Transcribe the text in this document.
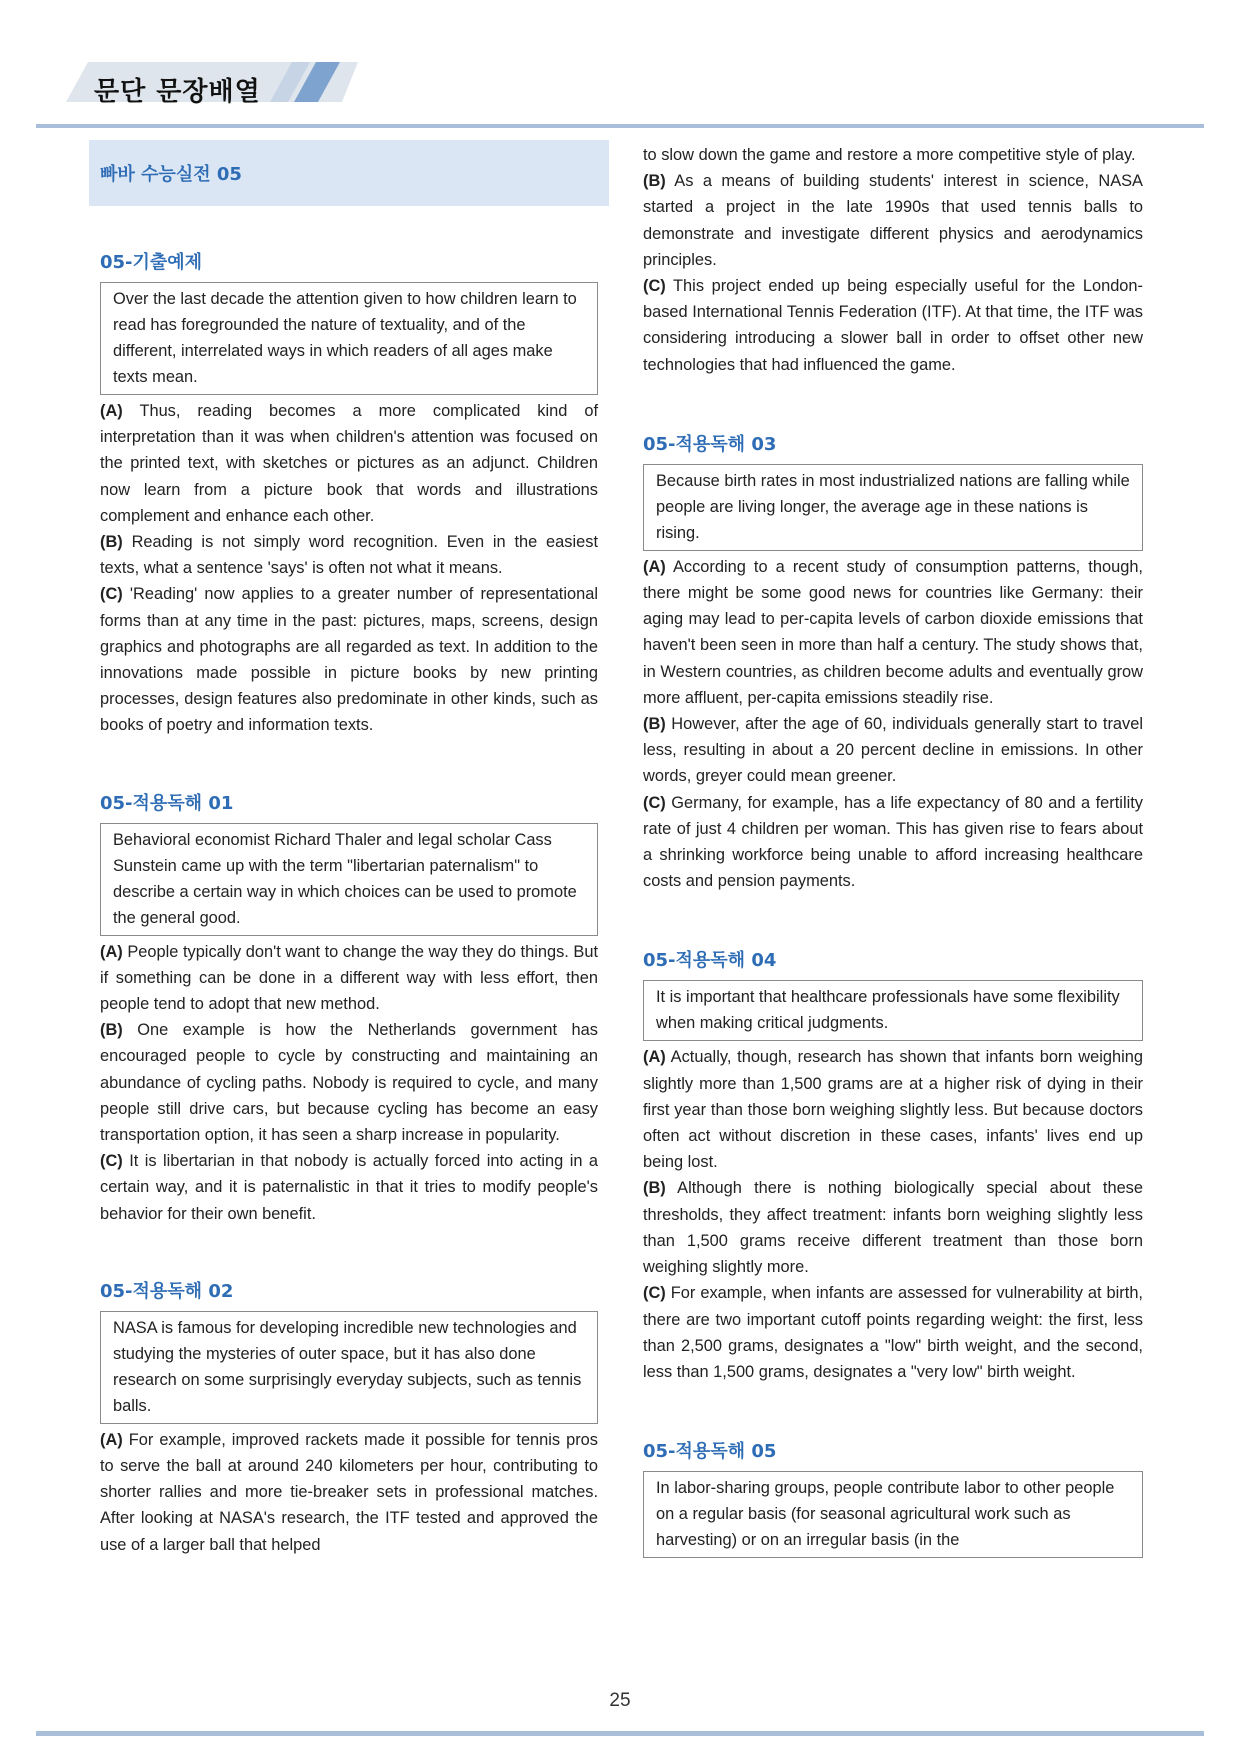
문단 문장배열
빠바 수능실전 05
05-기출예제
Over the last decade the attention given to how children learn to read has foregrounded the nature of textuality, and of the different, interrelated ways in which readers of all ages make texts mean.

(A) Thus, reading becomes a more complicated kind of interpretation than it was when children's attention was focused on the printed text, with sketches or pictures as an adjunct. Children now learn from a picture book that words and illustrations complement and enhance each other.

(B) Reading is not simply word recognition. Even in the easiest texts, what a sentence 'says' is often not what it means.

(C) 'Reading' now applies to a greater number of representational forms than at any time in the past: pictures, maps, screens, design graphics and photographs are all regarded as text. In addition to the innovations made possible in picture books by new printing processes, design features also predominate in other kinds, such as books of poetry and information texts.

05-적용독해 01
Behavioral economist Richard Thaler and legal scholar Cass Sunstein came up with the term "libertarian paternalism" to describe a certain way in which choices can be used to promote the general good.

(A) People typically don't want to change the way they do things. But if something can be done in a different way with less effort, then people tend to adopt that new method.

(B) One example is how the Netherlands government has encouraged people to cycle by constructing and maintaining an abundance of cycling paths. Nobody is required to cycle, and many people still drive cars, but because cycling has become an easy transportation option, it has seen a sharp increase in popularity.

(C) It is libertarian in that nobody is actually forced into acting in a certain way, and it is paternalistic in that it tries to modify people's behavior for their own benefit.

05-적용독해 02
NASA is famous for developing incredible new technologies and studying the mysteries of outer space, but it has also done research on some surprisingly everyday subjects, such as tennis balls.

(A) For example, improved rackets made it possible for tennis pros to serve the ball at around 240 kilometers per hour, contributing to shorter rallies and more tie-breaker sets in professional matches. After looking at NASA's research, the ITF tested and approved the use of a larger ball that helped

to slow down the game and restore a more competitive style of play.

(B) As a means of building students' interest in science, NASA started a project in the late 1990s that used tennis balls to demonstrate and investigate different physics and aerodynamics principles.

(C) This project ended up being especially useful for the London-based International Tennis Federation (ITF). At that time, the ITF was considering introducing a slower ball in order to offset other new technologies that had influenced the game.

05-적용독해 03
Because birth rates in most industrialized nations are falling while people are living longer, the average age in these nations is rising.

(A) According to a recent study of consumption patterns, though, there might be some good news for countries like Germany: their aging may lead to per-capita levels of carbon dioxide emissions that haven't been seen in more than half a century. The study shows that, in Western countries, as children become adults and eventually grow more affluent, per-capita emissions steadily rise.

(B) However, after the age of 60, individuals generally start to travel less, resulting in about a 20 percent decline in emissions. In other words, greyer could mean greener.

(C) Germany, for example, has a life expectancy of 80 and a fertility rate of just 4 children per woman. This has given rise to fears about a shrinking workforce being unable to afford increasing healthcare costs and pension payments.

05-적용독해 04
It is important that healthcare professionals have some flexibility when making critical judgments.

(A) Actually, though, research has shown that infants born weighing slightly more than 1,500 grams are at a higher risk of dying in their first year than those born weighing slightly less. But because doctors often act without discretion in these cases, infants' lives end up being lost.

(B) Although there is nothing biologically special about these thresholds, they affect treatment: infants born weighing slightly less than 1,500 grams receive different treatment than those born weighing slightly more.

(C) For example, when infants are assessed for vulnerability at birth, there are two important cutoff points regarding weight: the first, less than 2,500 grams, designates a "low" birth weight, and the second, less than 1,500 grams, designates a "very low" birth weight.

05-적용독해 05
In labor-sharing groups, people contribute labor to other people on a regular basis (for seasonal agricultural work such as harvesting) or on an irregular basis (in the
25
